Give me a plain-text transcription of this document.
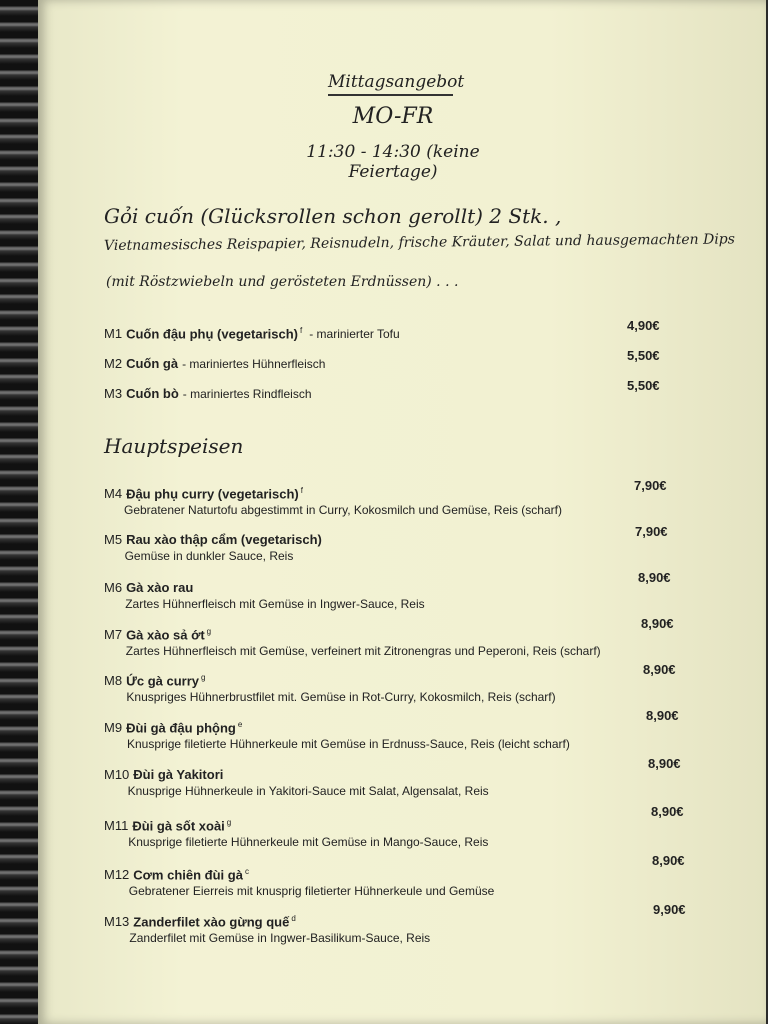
Mittagsangebot
MO-FR
11:30 - 14:30 (keine Feiertage)
Gỏi cuốn (Glücksrollen schon gerollt) 2 Stk. ,
Vietnamesisches Reispapier, Reisnudeln, frische Kräuter, Salat und hausgemachten Dips
(mit Röstzwiebeln und gerösteten Erdnüssen) . . .
M1 Cuốn đậu phụ (vegetarisch) $^f$ - marinierter Tofu
4,90€
M2 Cuốn gà - mariniertes Hühnerfleisch
5,50€
M3 Cuốn bò - mariniertes Rindfleisch
5,50€
Hauptspeisen
M4 Đậu phụ curry (vegetarisch) $^f$
Gebratener Naturtofu abgestimmt in Curry, Kokosmilch und Gemüse, Reis (scharf)
7,90€
M5 Rau xào thập cẩm (vegetarisch)
Gemüse in dunkler Sauce, Reis
7,90€
M6 Gà xào rau
Zartes Hühnerfleisch mit Gemüse in Ingwer-Sauce, Reis
8,90€
M7 Gà xào sả ớt $^g$
Zartes Hühnerfleisch mit Gemüse, verfeinert mit Zitronengras und Peperoni, Reis (scharf)
8,90€
M8 Ức gà curry $^g$
Knuspriges Hühnerbrustfilet mit. Gemüse in Rot-Curry, Kokosmilch, Reis (scharf)
8,90€
M9 Đùi gà đậu phộng $^e$
Knusprige filetierte Hühnerkeule mit Gemüse in Erdnuss-Sauce, Reis (leicht scharf)
8,90€
M10 Đùi gà Yakitori
Knusprige Hühnerkeule in Yakitori-Sauce mit Salat, Algensalat, Reis
8,90€
M11 Đùi gà sốt xoài $^g$
Knusprige filetierte Hühnerkeule mit Gemüse in Mango-Sauce, Reis
8,90€
M12 Cơm chiên đùi gà $^c$
Gebratener Eierreis mit knusprig filetierter Hühnerkeule und Gemüse
8,90€
M13 Zanderfilet xào gừng quế $^d$
Zanderfilet mit Gemüse in Ingwer-Basilikum-Sauce, Reis
9,90€
